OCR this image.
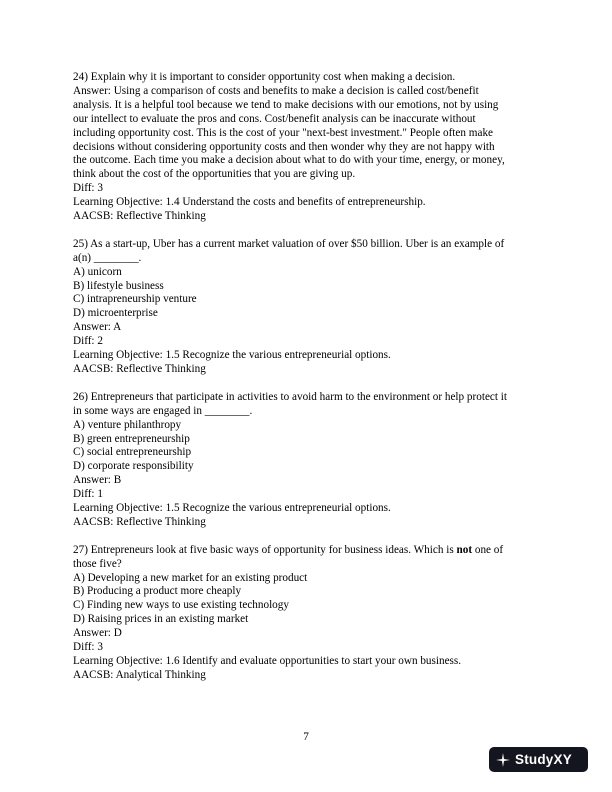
24) Explain why it is important to consider opportunity cost when making a decision.
Answer: Using a comparison of costs and benefits to make a decision is called cost/benefit
analysis. It is a helpful tool because we tend to make decisions with our emotions, not by using
our intellect to evaluate the pros and cons. Cost/benefit analysis can be inaccurate without
including opportunity cost. This is the cost of your "next-best investment." People often make
decisions without considering opportunity costs and then wonder why they are not happy with
the outcome. Each time you make a decision about what to do with your time, energy, or money,
think about the cost of the opportunities that you are giving up.
Diff: 3
Learning Objective: 1.4 Understand the costs and benefits of entrepreneurship.
AACSB: Reflective Thinking
25) As a start-up, Uber has a current market valuation of over $50 billion. Uber is an example of
a(n) ________.
A) unicorn
B) lifestyle business
C) intrapreneurship venture
D) microenterprise
Answer: A
Diff: 2
Learning Objective: 1.5 Recognize the various entrepreneurial options.
AACSB: Reflective Thinking
26) Entrepreneurs that participate in activities to avoid harm to the environment or help protect it
in some ways are engaged in ________.
A) venture philanthropy
B) green entrepreneurship
C) social entrepreneurship
D) corporate responsibility
Answer: B
Diff: 1
Learning Objective: 1.5 Recognize the various entrepreneurial options.
AACSB: Reflective Thinking
27) Entrepreneurs look at five basic ways of opportunity for business ideas. Which is not one of
those five?
A) Developing a new market for an existing product
B) Producing a product more cheaply
C) Finding new ways to use existing technology
D) Raising prices in an existing market
Answer: D
Diff: 3
Learning Objective: 1.6 Identify and evaluate opportunities to start your own business.
AACSB: Analytical Thinking
7
StudyXY
